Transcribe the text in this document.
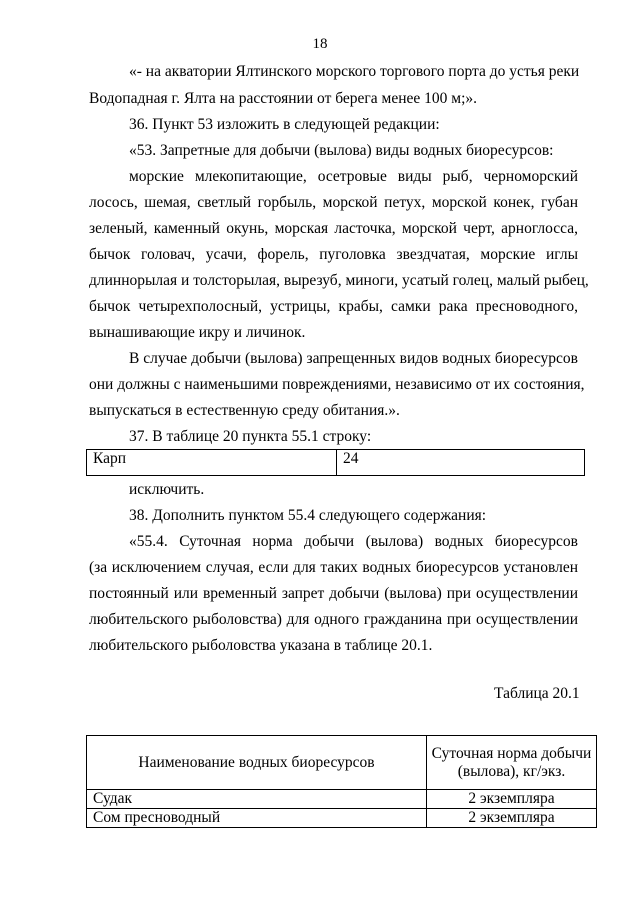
18
«- на акватории Ялтинского морского торгового порта до устья реки
Водопадная г. Ялта на расстоянии от берега менее 100 м;».
36. Пункт 53 изложить в следующей редакции:
«53. Запретные для добычи (вылова) виды водных биоресурсов:
морские млекопитающие, осетровые виды рыб, черноморский
лосось, шемая, светлый горбыль, морской петух, морской конек, губан
зеленый, каменный окунь, морская ласточка, морской черт, арноглосса,
бычок головач, усачи, форель, пуголовка звездчатая, морские иглы
длиннорылая и толсторылая, вырезуб, миноги, усатый голец, малый рыбец,
бычок четырехполосный, устрицы, крабы, самки рака пресноводного,
вынашивающие икру и личинок.
В случае добычи (вылова) запрещенных видов водных биоресурсов
они должны с наименьшими повреждениями, независимо от их состояния,
выпускаться в естественную среду обитания.».
37. В таблице 20 пункта 55.1 строку:
Карп	24
исключить.
38. Дополнить пунктом 55.4 следующего содержания:
«55.4. Суточная норма добычи (вылова) водных биоресурсов
(за исключением случая, если для таких водных биоресурсов установлен
постоянный или временный запрет добычи (вылова) при осуществлении
любительского рыболовства) для одного гражданина при осуществлении
любительского рыболовства указана в таблице 20.1.
Таблица 20.1
Наименование водных биоресурсов	Суточная норма добычи
(вылова), кг/экз.

Судак	2 экземпляра
Сом пресноводный	2 экземпляра
